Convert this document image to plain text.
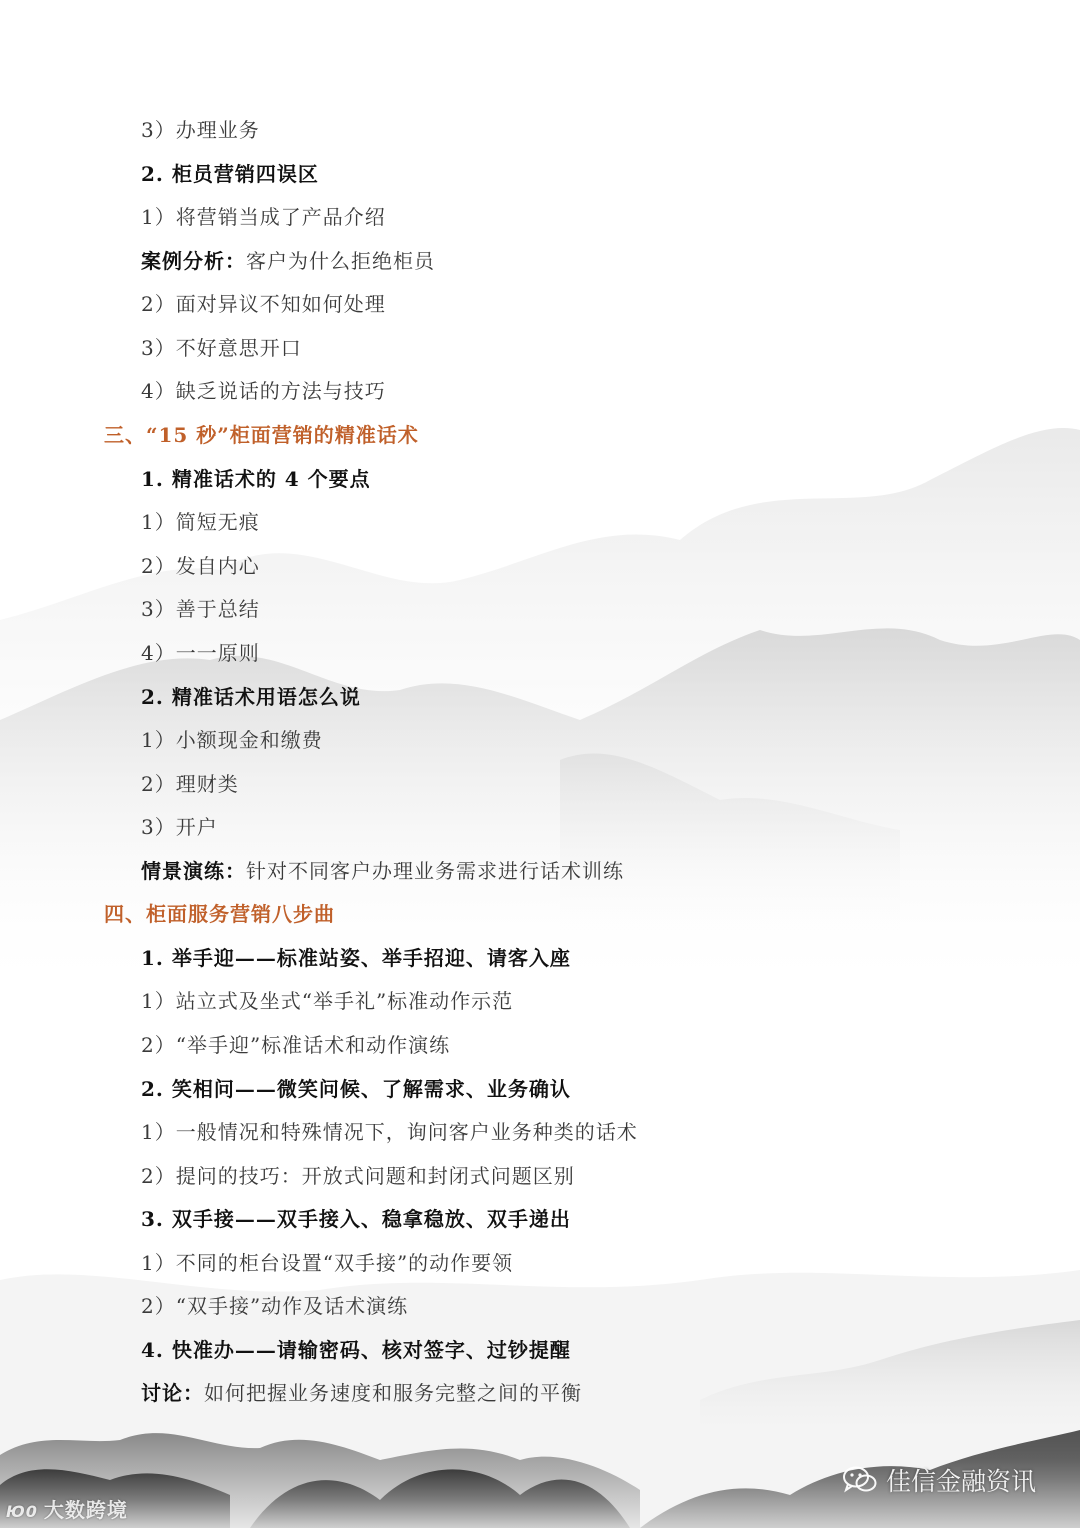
3）办理业务
2. 柜员营销四误区
1）将营销当成了产品介绍
案例分析：客户为什么拒绝柜员
2）面对异议不知如何处理
3）不好意思开口
4）缺乏说话的方法与技巧
三、“15 秒”柜面营销的精准话术
1. 精准话术的 4 个要点
1）简短无痕
2）发自内心
3）善于总结
4）一一原则
2. 精准话术用语怎么说
1）小额现金和缴费
2）理财类
3）开户
情景演练：针对不同客户办理业务需求进行话术训练
四、柜面服务营销八步曲
1. 举手迎——标准站姿、举手招迎、请客入座
1）站立式及坐式“举手礼”标准动作示范
2）“举手迎”标准话术和动作演练
2. 笑相问——微笑问候、了解需求、业务确认
1）一般情况和特殊情况下，询问客户业务种类的话术
2）提问的技巧：开放式问题和封闭式问题区别
3. 双手接——双手接入、稳拿稳放、双手递出
1）不同的柜台设置“双手接”的动作要领
2）“双手接”动作及话术演练
4. 快准办——请输密码、核对签字、过钞提醒
讨论：如何把握业务速度和服务完整之间的平衡
Ю0 大数跨境
佳信金融资讯
